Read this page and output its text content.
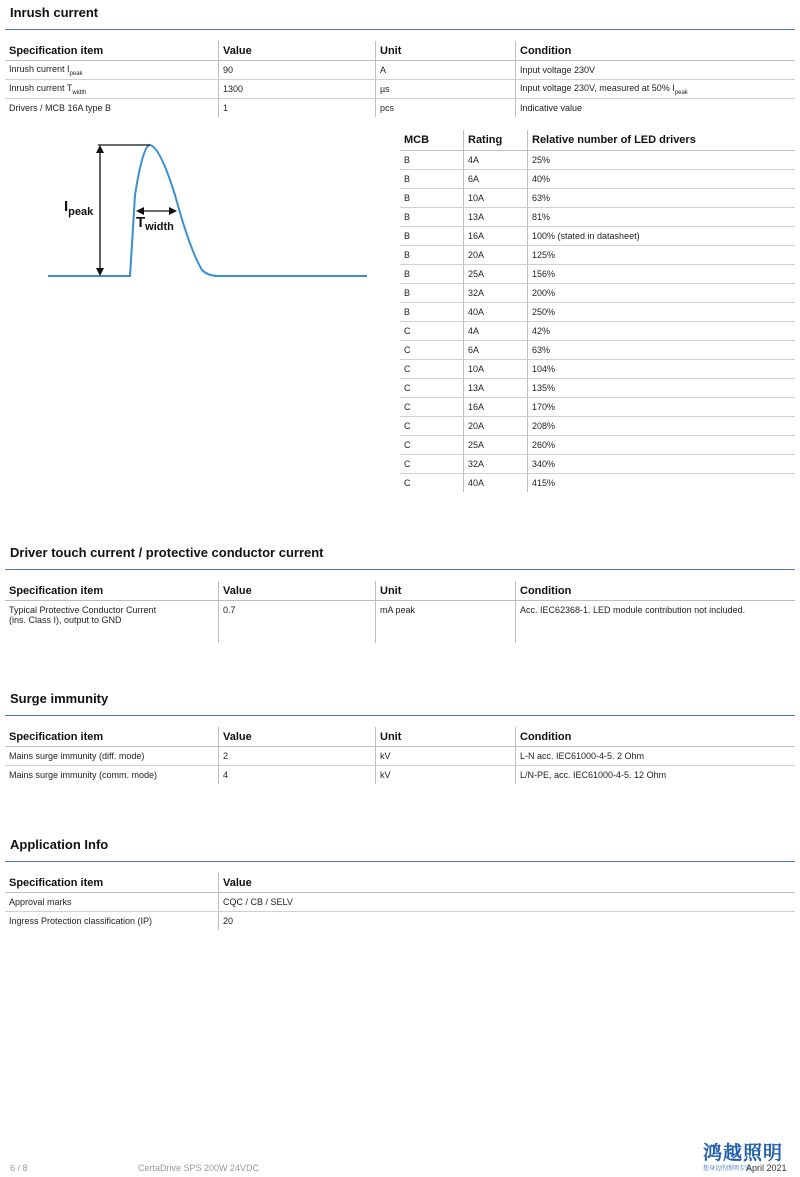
Inrush current
Specification item	Value	Unit	Condition
Inrush current $I_{peak}$	90	A	Input voltage 230V
Inrush current $T_{width}$	1300	µs	Input voltage 230V, measured at 50% $I_{peak}$
Drivers / MCB 16A type B	1	pcs	Indicative value
$I_{peak}$
$T_{width}$
MCB	Rating	Relative number of LED drivers
B	4A	25%
B	6A	40%
B	10A	63%
B	13A	81%
B	16A	100% (stated in datasheet)
B	20A	125%
B	25A	156%
B	32A	200%
B	40A	250%
C	4A	42%
C	6A	63%
C	10A	104%
C	13A	135%
C	16A	170%
C	20A	208%
C	25A	260%
C	32A	340%
C	40A	415%
Driver touch current / protective conductor current
Specification item	Value	Unit	Condition
Typical Protective Conductor Current
(ins. Class I), output to GND	0.7	mA peak	Acc. IEC62368-1. LED module contribution not included.
Surge immunity
Specification item	Value	Unit	Condition
Mains surge immunity (diff. mode)	2	kV	L-N acc. IEC61000-4-5. 2 Ohm
Mains surge immunity (comm. mode)	4	kV	L/N-PE, acc. IEC61000-4-5. 12 Ohm
Application Info
Specification item	Value
Approval marks	CQC / CB / SELV
Ingress Protection classification (IP)	20
6 / 8	CertaDrive SPS 200W 24VDC	April 2021
鸿越照明
您身边的照明专家
